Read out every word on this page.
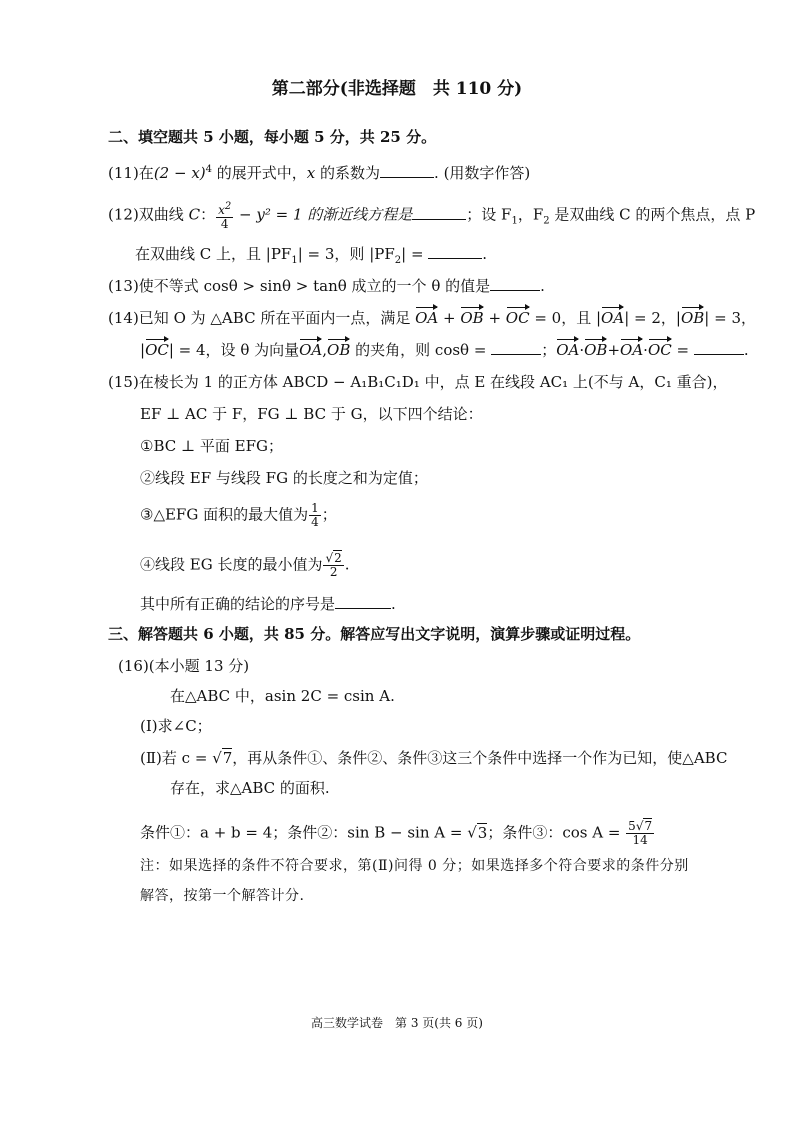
第二部分(非选择题　共 110 分)
二、填空题共 5 小题，每小题 5 分，共 25 分。
(11)在$(2 - x)^4$ 的展开式中，x 的系数为	. (用数字作答)
(12)双曲线 C： $\frac{x^2}{4} - y^2 = 1$ 的渐近线方程是	；设 $F_1$，$F_2$ 是双曲线 C 的两个焦点，点 P
在双曲线 C 上，且 $|PF_1| = 3$，则 $|PF_2|$ =	.
(13)使不等式 cosθ > sinθ > tanθ 成立的一个 θ 的值是	.
(14)已知 O 为 △ABC 所在平面内一点，满足 OA + OB + OC = 0，且 |OA| = 2，|OB| = 3，
|OC| = 4，设 θ 为向量OA,OB 的夹角，则 cosθ =	；OA·OB+OA·OC =	.
(15)在棱长为 1 的正方体 ABCD − A₁B₁C₁D₁ 中，点 E 在线段 AC₁ 上(不与 A，C₁ 重合)，
EF ⊥ AC 于 F，FG ⊥ BC 于 G，以下四个结论：
①BC ⊥ 平面 EFG；
②线段 EF 与线段 FG 的长度之和为定值；
③△EFG 面积的最大值为 $\frac{1}{4}$ ；
④线段 EG 长度的最小值为 $\frac{√2}{2}$ .
其中所有正确的结论的序号是	.
三、解答题共 6 小题，共 85 分。解答应写出文字说明，演算步骤或证明过程。
(16)(本小题 13 分)
在△ABC 中，asin 2C = csin A.
(Ⅰ)求∠C；
(Ⅱ)若 c = √7，再从条件①、条件②、条件③这三个条件中选择一个作为已知，使△ABC
存在，求△ABC 的面积.
条件①：a + b = 4；条件②：sin B − sin A = √3；条件③：$\cos A = \frac{5√7}{14}$
注：如果选择的条件不符合要求，第(Ⅱ)问得 0 分；如果选择多个符合要求的条件分别
解答，按第一个解答计分.
高三数学试卷　第 3 页(共 6 页)
